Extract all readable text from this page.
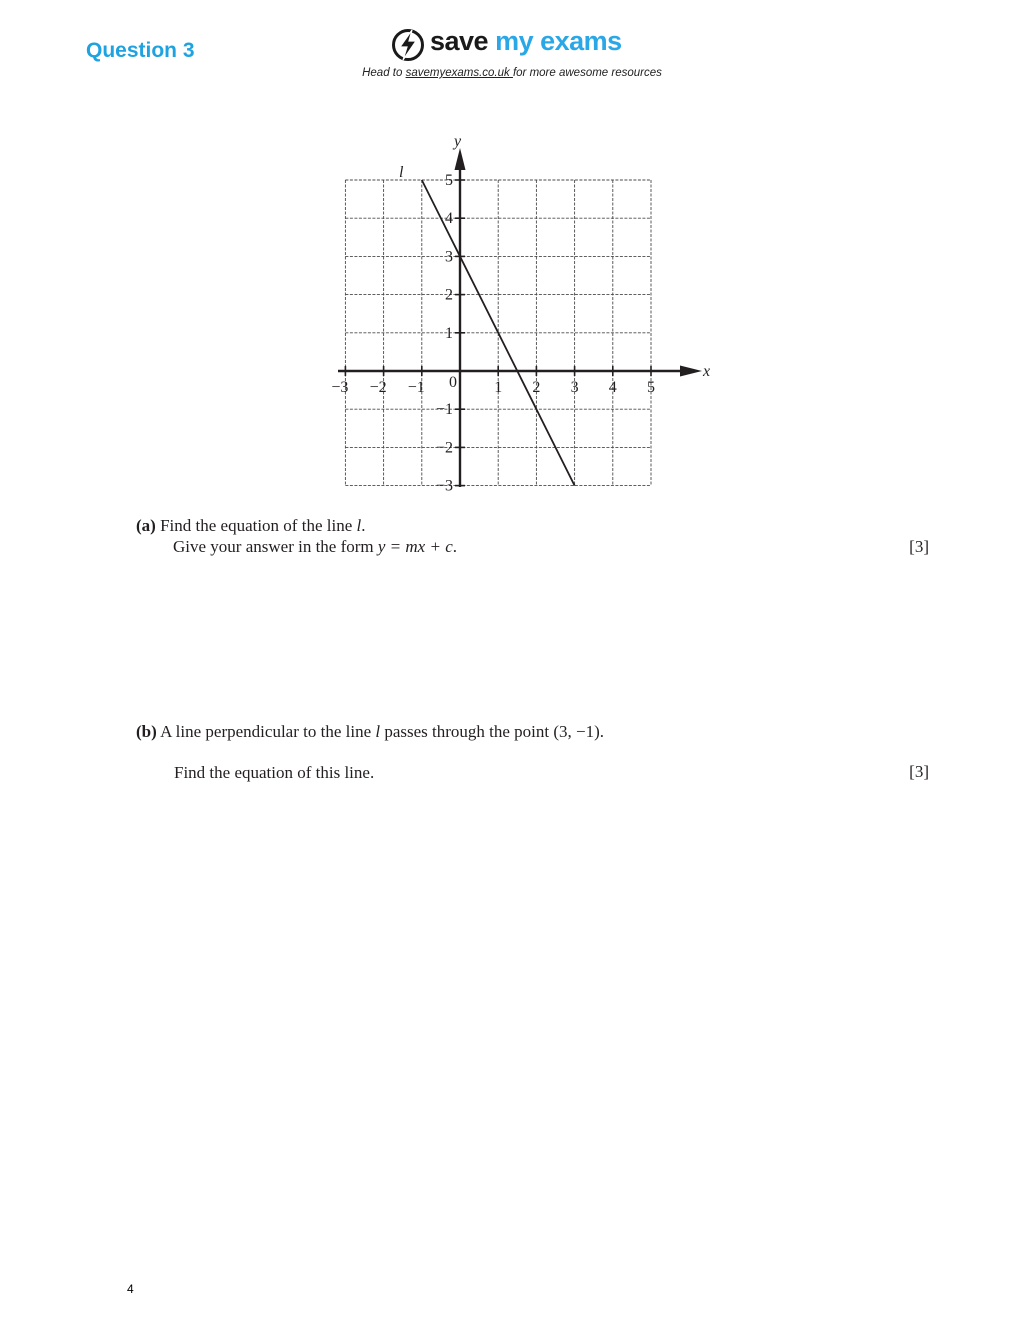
Question 3	save my exams
Head to savemyexams.co.uk for more awesome resources
−3 −2 −1	1 2 3 4 5
5
4
3
2
1
−1
−2
−3
x
y
0
l
(a) Find the equation of the line l.
Give your answer in the form y = mx + c.	[3]
(b) A line perpendicular to the line l passes through the point (3, −1).
Find the equation of this line.	[3]
4
